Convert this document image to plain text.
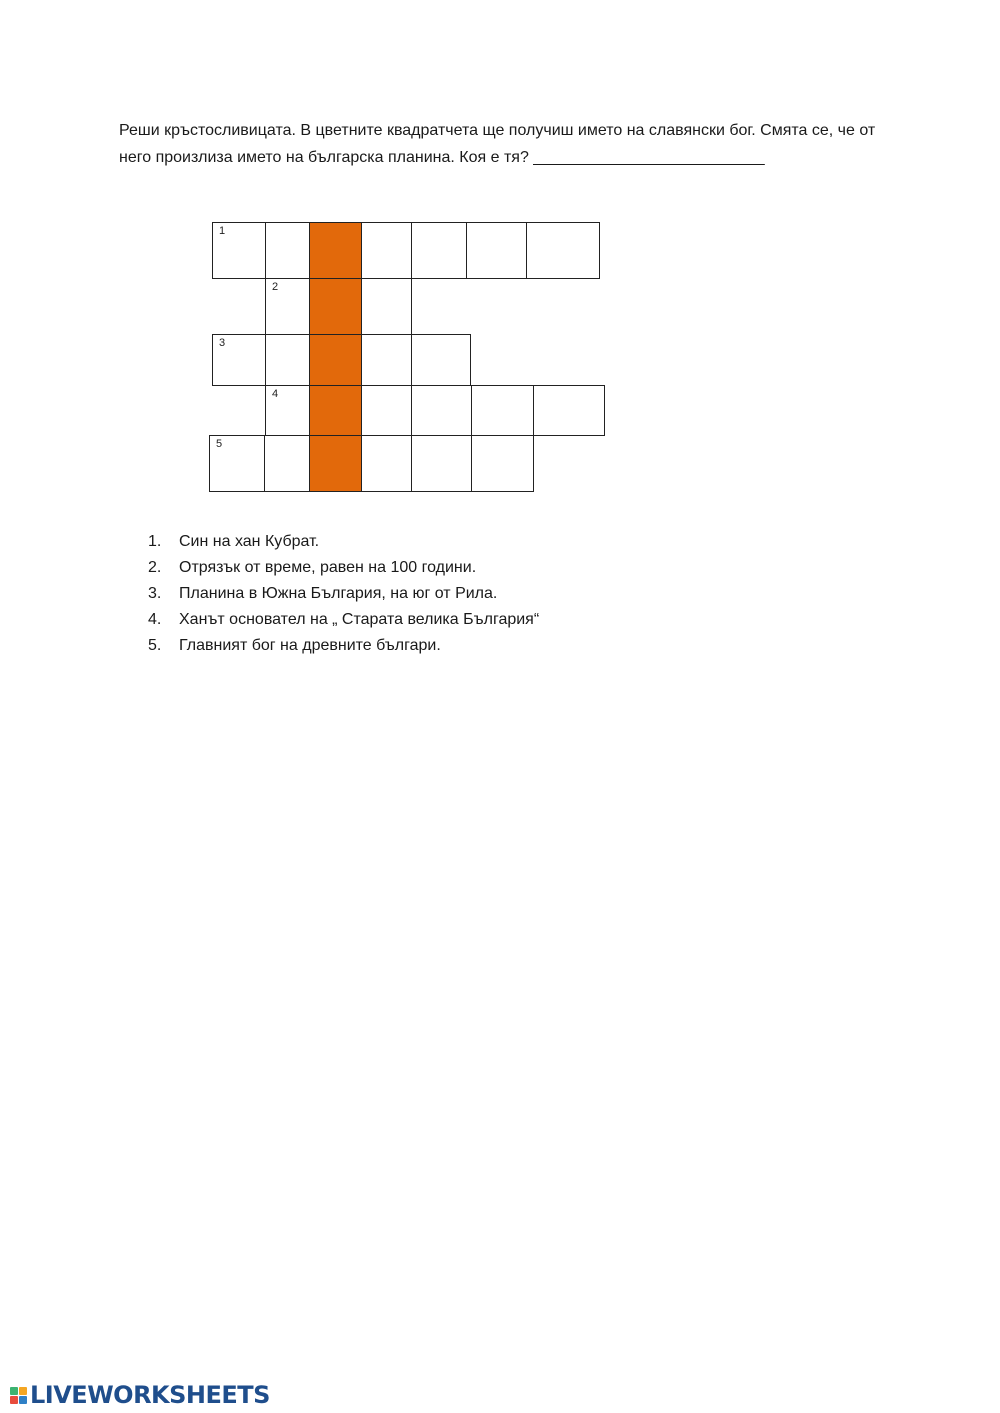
Реши кръстосливицата. В цветните квадратчета ще получиш името на славянски бог. Смята се, че от него произлиза името на българска планина. Коя е тя? __________________________

1
2
3
4
5
1.	Син на хан Кубрат.
2.	Отрязък от време, равен на 100 години.
3.	Планина в Южна България, на юг от Рила.
4.	Ханът основател на „ Старата велика България“
5.	Главният бог на древните българи.
LIVEWORKSHEETS
